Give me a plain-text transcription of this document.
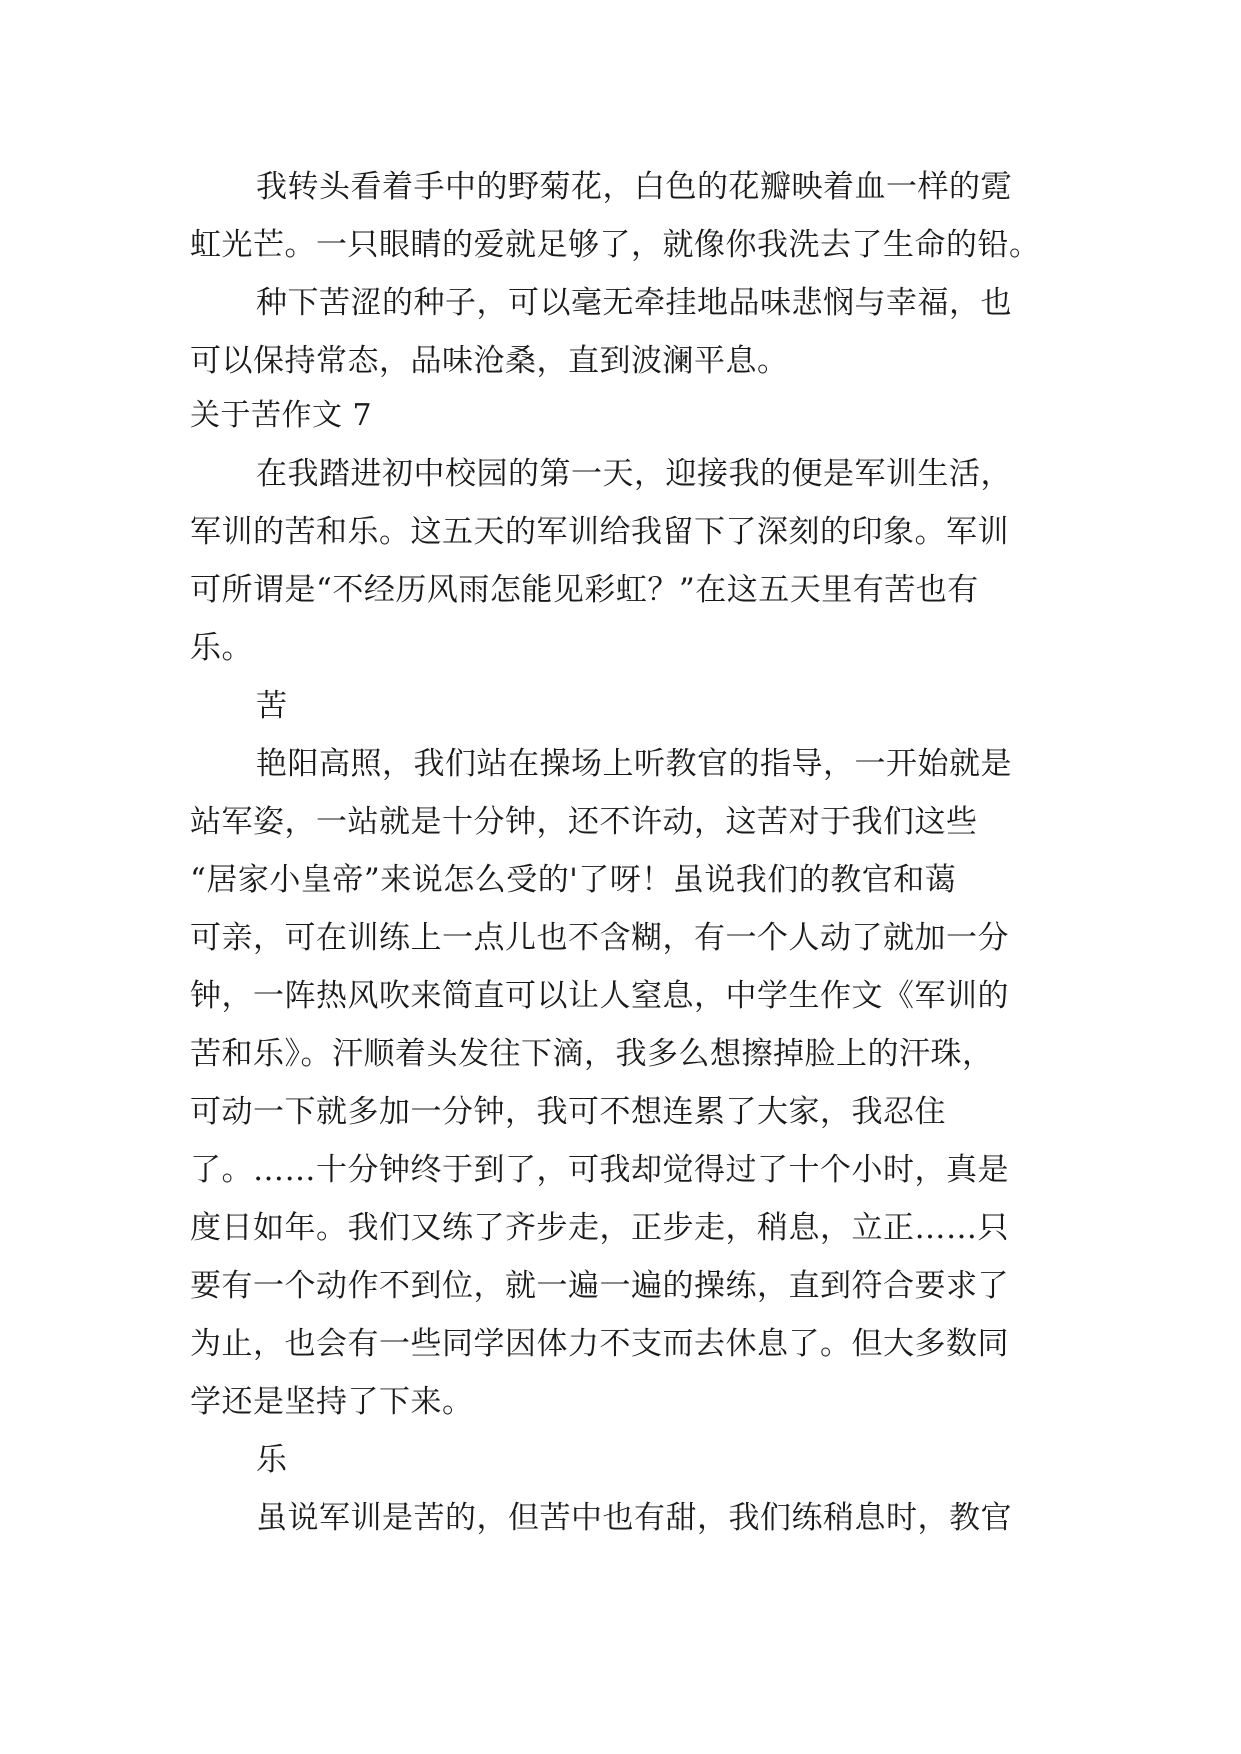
我转头看着手中的野菊花，白色的花瓣映着血一样的霓
虹光芒。一只眼睛的爱就足够了，就像你我洗去了生命的铅。
种下苦涩的种子，可以毫无牵挂地品味悲悯与幸福，也
可以保持常态，品味沧桑，直到波澜平息。
关于苦作文 7
在我踏进初中校园的第一天，迎接我的便是军训生活，
军训的苦和乐。这五天的军训给我留下了深刻的印象。军训
可所谓是“不经历风雨怎能见彩虹？”在这五天里有苦也有
乐。
苦
艳阳高照，我们站在操场上听教官的指导，一开始就是
站军姿，一站就是十分钟，还不许动，这苦对于我们这些
“居家小皇帝”来说怎么受的'了呀！虽说我们的教官和蔼
可亲，可在训练上一点儿也不含糊，有一个人动了就加一分
钟，一阵热风吹来简直可以让人窒息，中学生作文《军训的
苦和乐》。汗顺着头发往下滴，我多么想擦掉脸上的汗珠，
可动一下就多加一分钟，我可不想连累了大家，我忍住
了。……十分钟终于到了，可我却觉得过了十个小时，真是
度日如年。我们又练了齐步走，正步走，稍息，立正……只
要有一个动作不到位，就一遍一遍的操练，直到符合要求了
为止，也会有一些同学因体力不支而去休息了。但大多数同
学还是坚持了下来。
乐
虽说军训是苦的，但苦中也有甜，我们练稍息时，教官
